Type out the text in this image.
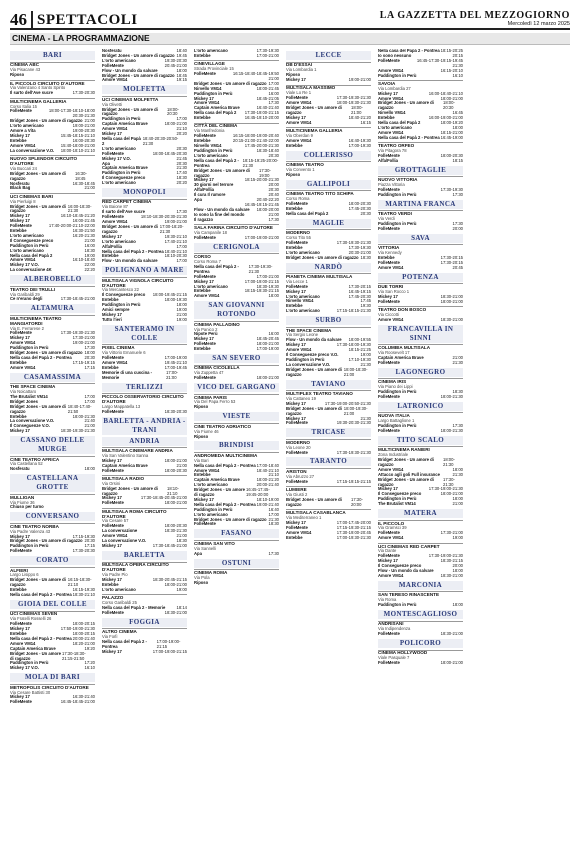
46 SPETTACOLI	LA GAZZETTA DEL MEZZOGIORNO
Mercoledì 12 marzo 2025
CINEMA - LA PROGRAMMAZIONE
BARI
CINEMA ABC
Via Pisacane 43
Riposo
IL PICCOLO CIRCUITO D'AUTORE
Via Valenzano 4 Santo Spirito
Il sarto dell'Ave sucre	17:30-20:30
MULTICINEMA GALLERIA
Corso Italia 15
FolleMente	18:00-17:30-18:10-18:00
20:30-21:30
Bridget Jones - Un amore di ragazzo 21:00
L'orto americano	19:00-21:00
Amore a Vita	19:00-20:30
Mickey 17	15:45-18:15-21:10
Entebbe	16:00-20:30
Amore VM14	15:40-18:00-21:00
La conversazione V.O. 18:00-18:10-21:10
NUOVO SPLENDOR CIRCUITO D'AUTORE
Via Buccari 24
Bridget Jones - Un amore di ragazzo
16:30-18:45
Nosferatu	16:30-18:45
Black Bag	21:00
UCI CINEMAS BARI
Via Pierluigi 8
Bridget Jones - Un amore di ragazzo
16:00-18:30-21:30
Mickey 17	16:10-18:45-21:20
Mickey 17	16:00-21:45
FolleMente	17:40-20:00-21:10-22:00
Entebbe	16:30-21:50
L'orto americano	16:20-21:30
Il Conseguenze preco	21:00
Paddington in Perù	16:00
L'orto americano	18:30
Nella casa del Papà 2	19:00
Amore VM14	16:10-18:40
Mickey 17 V.O.	22:00
La conversazione 4K	22:20
ALBEROBELLO
TEATRO DEI TRULLI
Via Garibaldi 29
Ce n'erano degli	17:30-18:45-21:00
ALTAMURA
MULTICINEMA TEATRO MANGIATORDI
Via E. Ferrarese 2
FolleMente	17:30-19:30-21:30
Mickey 17	17:30-21:00
Amore VM14	19:00-21:00
Paddington in Perù	17:30
Bridget Jones - Un amore di ragazzo 18:00
Nella casa del Papà 2 - Pontrea	20:30
Entebbe	17:15-19:15
Amore VM14	17:15
CASAMASSIMA
THE SPACE CINEMA
Via Noicattaro
The Brutalist VM14	17:00
Bridget Jones	17:00
Bridget Jones - Un amore di ragazzo
18:40-17:40-21:50
Entebbe	18:00-21:30
La conversazione V.O.	21:40
Il Conseguenze V.O.	21:00
Mickey 17	18:30-19:30-21:30
CASSANO DELLE MURGE
CINE TEATRO AFRICA
Via Castellana 52
Nosferatu	18:00
CASTELLANA GROTTE
MULLIGAN
Via Fiume 36
Chiuso per turno
CONVERSANO
CINE TEATRO NORBA
Via Padre Valenza 43
Mickey 17	17:15-19:30
Bridget Jones - Un amore di ragazzo 20:30
Paddington in Perù	17:15
FolleMente	17:30-20:30
CORATO
ALFIERI
Largo Lisippo 6
Bridget Jones - Un amore di ragazzo
16:15-18:30-21:10
Entebbe	16:15-19:30
Nella casa del Papà 2 - Pontrea 18:30-21:10
GIOIA DEL COLLE
UCI CINEMAS SEVEN
Via Fratelli Rosselli 26
FolleMente	18:00-20:15
Mickey 17	17:50-19:00-21:30
Entebbe	18:00-20:15
Nella casa del Papà 2 - Pontrea 20:00-21:40
Amore VM14	18:20-21:00
Captain America Brave	19:20
Bridget Jones - Un amore di ragazzo
17:30-18:30-21:15-21:50
Paddington in Perù	17:20
Mickey 17 V.O.	16:10
MOLA DI BARI
METROPOLIS CIRCUITO D'AUTORE
Via Cesare Battisti 30
Mickey 17	16:30-21:40
FolleMente	16:45-18:45-21:00
Nosferatu	18:40
Bridget Jones - Un amore di ragazzo 19:45
L'orto americano	19:30-20:30
FolleMente	20:45-21:00
Flow - Un mondo da salvare	18:00
Bridget Jones - Un amore di ragazzo 18:45
Amore VM14	19:15
MOLFETTA
UCI CINEMAS MOLFETTA
Via Olivetti
Bridget Jones - Un amore di ragazzo
18:00-20:30
Paddington in Perù	17:00
Captain America Brave	18:00-21:00
Amore VM14	21:10
Mickey 17	20:20
Nella casa del Papà 2
18:40-20:30-20:50-21:30
L'orto americano	20:30
FolleMente	18:00-18:45-20:30
Mickey 17 V.O.	21:45
Apa	20:30
Captain America Brave	21:30
Paddington in Perù	17:40
Il Conseguenze preco	18:30
L'orto americano	20:20
MONOPOLI
RED CARPET CINEMA
Via Baione 87
Il sarto dell'Ave sucre	17:30
FolleMente	18:10-18:30-20:30-21:30
Amore VM14	19:00-21:00
Bridget Jones - Un amore di ragazzo
17:00-18:20-21:30
Mickey 17	19:30-21:10
L'orto americano	17:40-21:10
Alfa/Follia	17:00
Nella casa del Papà 2 - Pontrea 18:40-21:10
Entebbe	18:10-20:30
Flow - Un mondo da salvare	17:00
POLIGNANO A MARE
MULTISALA VIGNOLA CIRCUITO D'AUTORE
Via Mercantesco 22
Il Conseguenze preco 18:00-19:45-21:15
Entebbe	18:00-19:30
Paddington in Perù	18:00
Amici sempre	19:00
Mickey 17	21:00
Tutto l'ieri	19:00
SANTERAMO IN COLLE
PIXEL CINEMA
Via Vittorio Emanuele 6
FolleMente	17:00-19:00
Amore VM14	19:45-21:10
Entebbe	17:00-19:45
Memorie di una cuscina - Memorie
17:00-21:00
TERLIZZI
PICCOLO OSSERVATORIO CIRCUITO D'AUTORE
Largo Mappatella 13
FolleMente	18:30-20:30
BARLETTA - ANDRIA - TRANI
ANDRIA
MULTISALA CINEMARE ANDRIA
Via San Valentino Sanna
Mickey 17	18:00-21:00
Captain America Brave	21:00
FolleMente	18:00-20:30
MULTISALA RADIO
Via Orsini
Bridget Jones - Un amore di ragazzo
18:10-21:10
Mickey 17	17:30-18:45-20:45-21:00
FolleMente	18:00-21:00
MULTISALA ROMA CIRCUITO D'AUTORE
Via Cesare 57
FolleMente	18:00-20:30
La conversazione	18:30-21:30
Amore VM14	21:00
La conversazione V.O.	18:30
Mickey 17	17:30-18:45-21:00
BARLETTA
MULTISALA OPERA CIRCUITO D'AUTORE
Via Padre Pio
Mickey 17	18:30-20:45-21:15
Entebbe	18:00-21:00
L'orto americano	19:00
PALAZZO
Corso Garibaldi 25
Nella casa del Papà 2 - Memorie	18:14
FolleMente	18:30-21:00
FOGGIA
ALTRO CINEMA
Via Forlì
Nella casa del Papà 2 - Pontrea
17:00-19:00-21:15
Mickey 17	17:00-19:00-21:15
L'orto americano	17:30-19:30
Entebbe	17:00-21:00
CINEVILLAGE
Strada Provinciale 15
FolleMente	16:15-18:40-18:45-19:50
21:00
Bridget Jones - Un amore di ragazzo 17:00
Nirvello VM14	18:00-21:45
Paddington in Perù	16:00
Mickey 17	18:45-21:05
Amore VM14	17:30
Captain America Brave	16:40-21:40
Nella casa del Papà 2 17:30-19:00-21:15
Entebbe	16:45-19:10-20:00
CITTÀ DEL CINEMA
Via Manfredonia
FolleMente	16:15-18:00-19:00-20:40
Entebbe	20:15-21:00-21:40-22:00
Nirvello VM14	17:45-20:00-21:30
Paddington in Perù	18:30-18:40
L'orto americano	20:30
Nella casa del Papà 2 - Pontrea
18:15-19:25-20:00-21:30
Bridget Jones - Un amore di ragazzo
17:30-19:00
Mickey 17	18:15-20:00-21:30
30 giorni nel terrore	20:00
Alfa/Follia	20:30
Il cura Il rumore	20:40
Apa	20:40-22:20
16:45-19:15-21:45
Flow - Un mondo da salvare 18:00-20:00
Io sono la fine del mondo	21:00
Il ragazzo	17:30
SALA FARINA CIRCUITO D'AUTORE
Via Campanile 18
FolleMente	17:00-19:00-21:00
CERIGNOLA
CORSO
Corso Roma 7
Nella casa del Papà 2 - Pontrea
17:30-19:30-21:30
FolleMente	17:00-21:00
Mickey 17	17:00-19:00-21:15
L'orto americano	18:30-19:30
Entebbe	18:15-19:30-21:15
Amore VM14	18:00
SAN GIOVANNI ROTONDO
CINEMA PALLADINO
Via Panico 2
Nipote Perù	16:00
Mickey 17	18:45-20:45
FolleMente	18:00-21:00
Entebbe	17:00-19:00
SAN SEVERO
CINEMA CICOLELLA
Via Zuppetta 47
FolleMente	18:00-21:00
VICO DEL GARGANO
CINEMA PARIS
Via Del Papa Ferro 53
Riposo
VIESTE
CINE TEATRO ADRIATICO
Via Fiume 46
Riposo
BRINDISI
ANDROMEDA MULTICINEMA
Via Bari
Nella casa del Papà 2 - Pontrea 17:00-18:40
Amore VM14	18:40-21:10
Entebbe	21:10
Captain America Brave	18:00-21:20
L'orto americano	20:00-21:40
Bridget Jones - Un amore di ragazzo
16:45-17:45-19:45-20:00
Mickey 17	18:10-19:00
Nella casa del Papà 2 - Pontrea 19:00-21:40
Paddington in Perù	16:40
L'orto americano	17:00
Bridget Jones - Un amore di ragazzo 21:30
FolleMente	18:30
FASANO
CINEMA SAN VITO
Via Sannelli
Apa	17:30
OSTUNI
CINEMA ROMA
Via Pola
Riposo
LECCE
DB D'ESSAI
Via Lombardia 1
Riposo
Mickey 17	19:00-21:00
MULTISALA MASSIMO
Viale Lo Re 1
FolleMente	17:30-19:30-21:30
Amore VM14	18:00-19:30-21:30
Bridget Jones - Un amore di ragazzo
18:00-21:00
Mickey 17	18:40-21:20
Amore VM14	16:15
MULTICINEMA GALLERIA
Via Oberdan 9
Amore VM14	16:40-19:30
Entebbe	17:00-19:30
COLLERISSO
CINEMA TEATRO
Via Convento 1
Riposo
GALLIPOLI
CINEMA TEATRO TITO SCHIPA
Corso Roma
FolleMente	18:00-20:30
Entebbe	17:45-20:30
Nella casa del Papà 2	20:30
MAGLIE
MODERNO
Corso Tito 55
FolleMente	17:30-19:30-21:30
Entebbe	17:30-19:30
L'orto americano	20:30-21:00
Bridget Jones - Un amore di ragazzo 18:30
NARDÒ
PIANETA CINEMA MULTISALA
Via Lecce 1
FolleMente	17:30-20:15
Mickey 17	16:45-19:15
L'orto americano	17:45-20:30
Nirvello VM14	17:45
Entebbe	19:30
L'orto americano	17:15-18:15-21:30
SURBO
THE SPACE CINEMA
Via Sergio Leone
Flow - Un mondo da salvare 18:00-19:55
Mickey 17	17:30-18:00-19:30
Amore VM14	18:15-21:25
Il Conseguenze preco V.O.	19:00
Paddington in Perù	17:10-19:30
La conversazione V.O.	21:30
Bridget Jones - Un amore di ragazzo
18:00-18:30-21:00
TAVIANO
MULTIPLEX TEATRO TAVIANO
Via Cattaneo 19
Mickey 17	17:30-19:00-20:50-21:30
Bridget Jones - Un amore di ragazzo
18:00-19:30-21:00
Mickey 17	21:30
FolleMente	19:30-20:30-21:30
TRICASE
MODERNO
Via Leone 20
FolleMente	17:30-19:30-21:30
TARANTO
ARISTON
Via Abruzzo 27
FolleMente	17:15-19:15-21:15
LUMIERE
Via Giusti 2
Bridget Jones - Un amore di ragazzo
17:30-20:00
MULTISALA CASABLANCA
Via Mediterraneo 1
Mickey 17	17:00-17:45-20:00
FolleMente	17:15-19:30-21:15
Amore VM14	17:30-19:00-20:45
Entebbe	17:00-19:30-21:30
Nella casa del Papà 2 - Pontrea 18:15-20:25
Io sono nessuno	20:15
FolleMente	16:45-17:30-19:15-19:45
21:30
Amore VM14	16:15-20:10
Paddington in Perù	16:10
SAVOIA
Via Lombardia 27
Mickey 17	16:00-18:40-21:10
Amore VM14	18:00-21:00
Bridget Jones - Un amore di ragazzo
18:00-20:30
Nirvello VM14	16:45
Entebbe	16:00-19:00-21:00
Nella casa del Papà 2	18:00-19:20
L'orto americano	18:00
Amore VM14	18:15-21:00
Nella casa del Papà 2 - Pontrea 16:45-19:00
TEATRO ORFEO
Via Pitagora 78
FolleMente	18:00-20:30
Alfa/Follia	18:15
GROTTAGLIE
NUOVO VITTORIA
Piazza Vittoria
FolleMente	17:30-19:30
Paddington in Perù	17:30
MARTINA FRANCA
TEATRO VERDI
Via Verdi
Paddington in Perù	17:30
FolleMente	20:00
SAVA
VITTORIA
Via Kennedy
Entebbe	17:30-20:15
FolleMente	17:30-20:15
Amore VM14	20:45
POTENZA
DUE TORRI
Via San Rocco 1
Mickey 17	18:30-21:00
FolleMente	18:00-21:00
TEATRO DON BOSCO
Via Ciccotti
Amore VM14	18:30-21:00
FRANCAVILLA IN SINNI
COLUMBIA MULTISALA
Via Roosevelt 17
Captain America Brave	21:00
FolleMente	21:30
LAGONEGRO
CINEMA IRIS
Via Piano dei Lippi
Paddington in Perù	18:30
FolleMente	18:00-21:30
LATRONICO
NUOVA ITALIA
Largo Battaglione 1
Paddington in Perù	17:30
FolleMente	18:00-21:30
TITO SCALO
MULTICINEMA RANIERI
Zona Industriale
Bridget Jones - Un amore di ragazzo
18:00-21:30
Amore VM14	18:00
Attacco agli goli Full insurance	21:30
Bridget Jones - Un amore di ragazzo
17:30-21:30
Mickey 17	17:30-19:00-21:30
Il Conseguenze preco	18:00-21:00
Paddington in Perù	18:00
The Brutalist VM14	21:00
MATERA
IL PICCOLO
Via Gramsci 39
FolleMente	17:30-21:00
Amore VM14	19:00
UCI CINEMAS RED CARPET
Via Dante
FolleMente	17:30-19:00-21:30
Mickey 17	18:30-21:15
Il Conseguenze preco	20:00
Flow - Un mondo da salvare	18:00
Amore VM14	18:30-21:00
MARCONIA
SAN TERESO RINASCENTE
Via Roma
Paddington in Perù	18:00
MONTESCAGLIOSO
ANDRISANI
Via Indipendenza
FolleMente	18:30-21:00
POLICORO
CINEMA HOLLYWOOD
Viale Pasquale 7
FolleMente	18:00-21:00
